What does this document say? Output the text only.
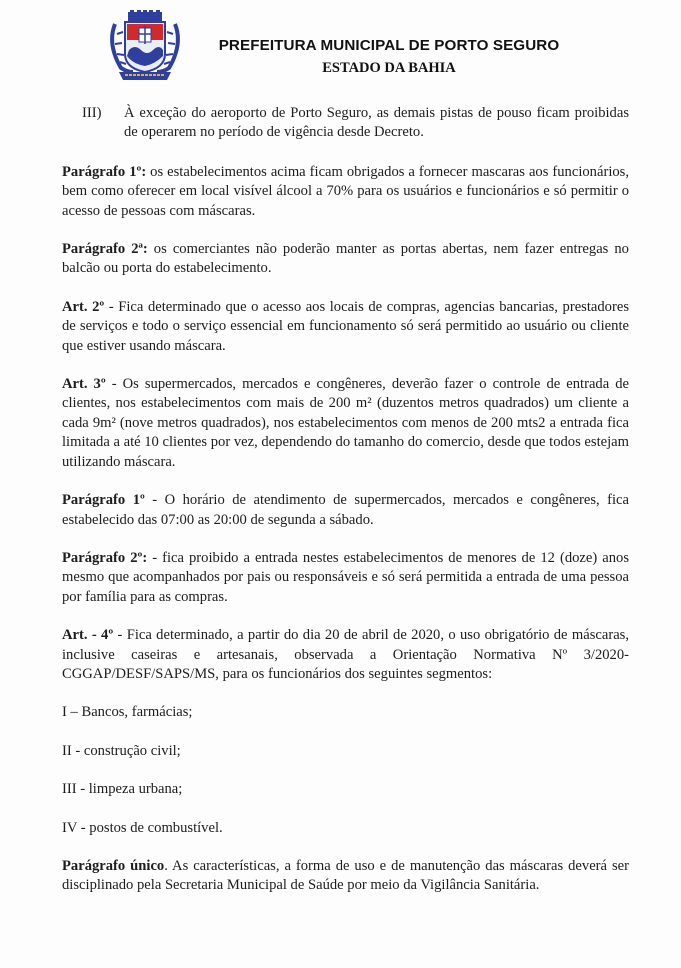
PREFEITURA MUNICIPAL DE PORTO SEGURO
ESTADO DA BAHIA
III)	À exceção do aeroporto de Porto Seguro, as demais pistas de pouso ficam proibidas de operarem no período de vigência desde Decreto.

Parágrafo 1º: os estabelecimentos acima ficam obrigados a fornecer mascaras aos funcionários, bem como oferecer em local visível álcool a 70% para os usuários e funcionários e só permitir o acesso de pessoas com máscaras.

Parágrafo 2ª: os comerciantes não poderão manter as portas abertas, nem fazer entregas no balcão ou porta do estabelecimento.

Art. 2º - Fica determinado que o acesso aos locais de compras, agencias bancarias, prestadores de serviços e todo o serviço essencial em funcionamento só será permitido ao usuário ou cliente que estiver usando máscara.

Art. 3º - Os supermercados, mercados e congêneres, deverão fazer o controle de entrada de clientes, nos estabelecimentos com mais de 200 m² (duzentos metros quadrados) um cliente a cada 9m² (nove metros quadrados), nos estabelecimentos com menos de 200 mts2 a entrada fica limitada a até 10 clientes por vez, dependendo do tamanho do comercio, desde que todos estejam utilizando máscara.

Parágrafo 1º - O horário de atendimento de supermercados, mercados e congêneres, fica estabelecido das 07:00 as 20:00 de segunda a sábado.

Parágrafo 2º: - fica proibido a entrada nestes estabelecimentos de menores de 12 (doze) anos mesmo que acompanhados por pais ou responsáveis e só será permitida a entrada de uma pessoa por família para as compras.

Art. - 4º - Fica determinado, a partir do dia 20 de abril de 2020, o uso obrigatório de máscaras, inclusive caseiras e artesanais, observada a Orientação Normativa Nº 3/2020-CGGAP/DESF/SAPS/MS, para os funcionários dos seguintes segmentos:

I – Bancos, farmácias;

II - construção civil;

III - limpeza urbana;

IV - postos de combustível.

Parágrafo único. As características, a forma de uso e de manutenção das máscaras deverá ser disciplinado pela Secretaria Municipal de Saúde por meio da Vigilância Sanitária.
